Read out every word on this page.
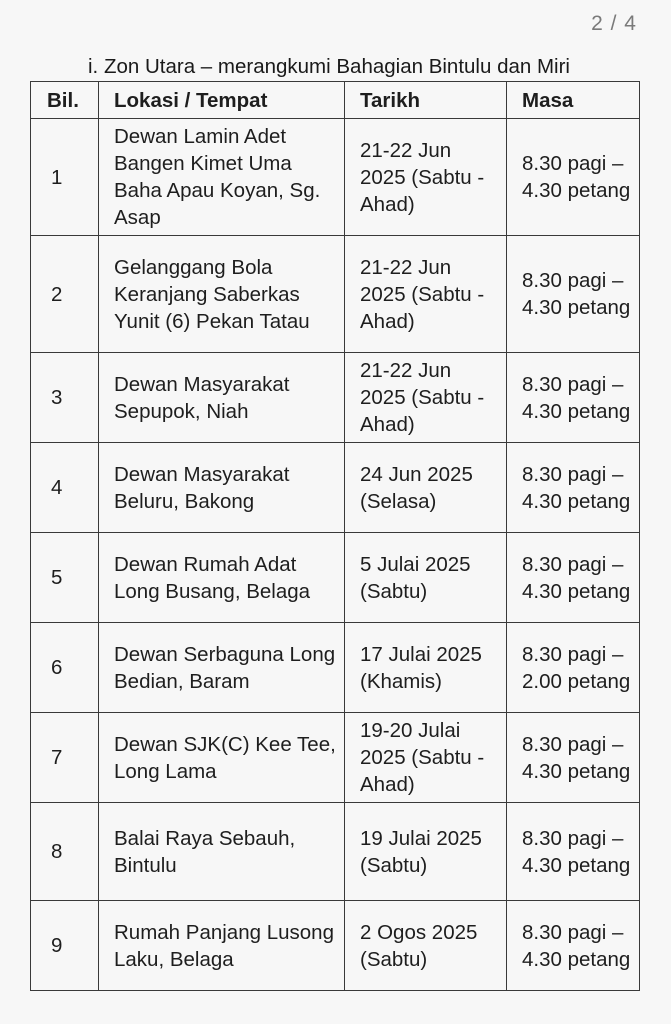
2 / 4
i. Zon Utara – merangkumi Bahagian Bintulu dan Miri
Bil.	Lokasi / Tempat	Tarikh	Masa
1	Dewan Lamin Adet Bangen Kimet Uma Baha Apau Koyan, Sg. Asap	21-22 Jun 2025 (Sabtu - Ahad)	8.30 pagi – 4.30 petang
2	Gelanggang Bola Keranjang Saberkas Yunit (6) Pekan Tatau	21-22 Jun 2025 (Sabtu - Ahad)	8.30 pagi – 4.30 petang
3	Dewan Masyarakat Sepupok, Niah	21-22 Jun 2025 (Sabtu - Ahad)	8.30 pagi – 4.30 petang
4	Dewan Masyarakat Beluru, Bakong	24 Jun 2025 (Selasa)	8.30 pagi – 4.30 petang
5	Dewan Rumah Adat Long Busang, Belaga	5 Julai 2025 (Sabtu)	8.30 pagi – 4.30 petang
6	Dewan Serbaguna Long Bedian, Baram	17 Julai 2025 (Khamis)	8.30 pagi – 2.00 petang
7	Dewan SJK(C) Kee Tee, Long Lama	19-20 Julai 2025 (Sabtu - Ahad)	8.30 pagi – 4.30 petang
8	Balai Raya Sebauh, Bintulu	19 Julai 2025 (Sabtu)	8.30 pagi – 4.30 petang
9	Rumah Panjang Lusong Laku, Belaga	2 Ogos 2025 (Sabtu)	8.30 pagi – 4.30 petang
